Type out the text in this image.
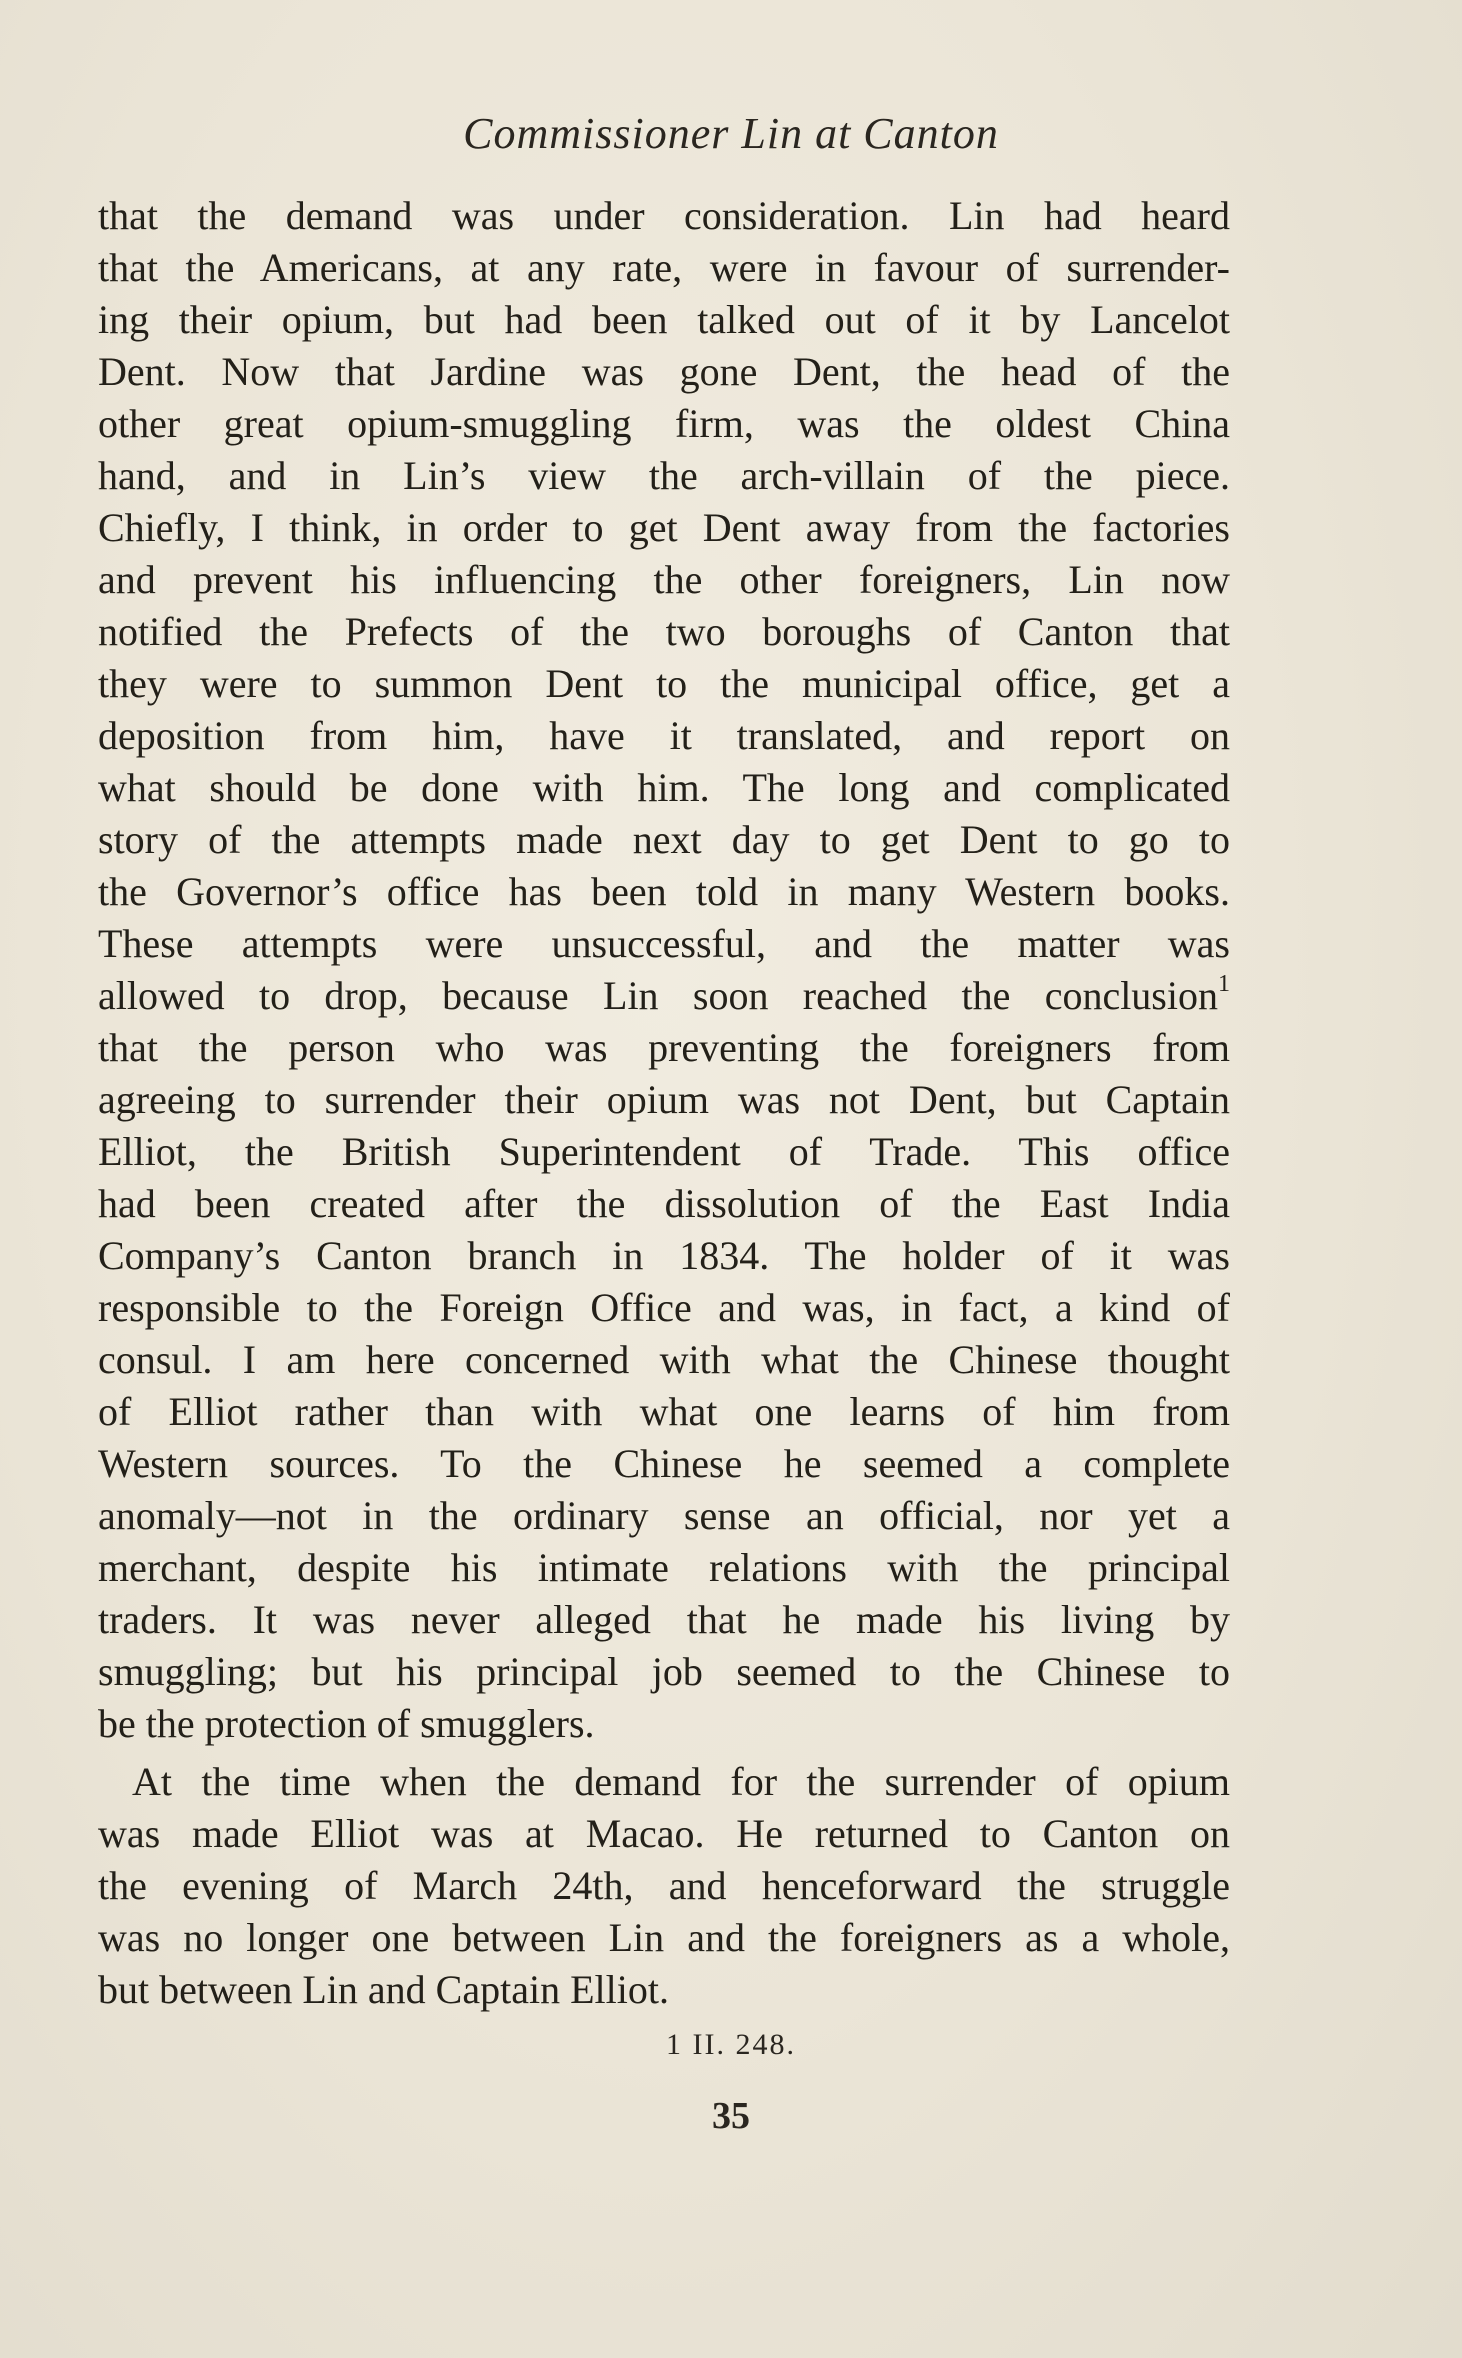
Commissioner Lin at Canton
that the demand was under consideration. Lin had heard
that the Americans, at any rate, were in favour of surrender-
ing their opium, but had been talked out of it by Lancelot
Dent. Now that Jardine was gone Dent, the head of the
other great opium-smuggling firm, was the oldest China
hand, and in Lin’s view the arch-villain of the piece.
Chiefly, I think, in order to get Dent away from the factories
and prevent his influencing the other foreigners, Lin now
notified the Prefects of the two boroughs of Canton that
they were to summon Dent to the municipal office, get a
deposition from him, have it translated, and report on
what should be done with him. The long and complicated
story of the attempts made next day to get Dent to go to
the Governor’s office has been told in many Western books.
These attempts were unsuccessful, and the matter was
allowed to drop, because Lin soon reached the conclusion$^1$
that the person who was preventing the foreigners from
agreeing to surrender their opium was not Dent, but Captain
Elliot, the British Superintendent of Trade. This office
had been created after the dissolution of the East India
Company’s Canton branch in 1834. The holder of it was
responsible to the Foreign Office and was, in fact, a kind of
consul. I am here concerned with what the Chinese thought
of Elliot rather than with what one learns of him from
Western sources. To the Chinese he seemed a complete
anomaly—not in the ordinary sense an official, nor yet a
merchant, despite his intimate relations with the principal
traders. It was never alleged that he made his living by
smuggling; but his principal job seemed to the Chinese to
be the protection of smugglers.
At the time when the demand for the surrender of opium
was made Elliot was at Macao. He returned to Canton on
the evening of March 24th, and henceforward the struggle
was no longer one between Lin and the foreigners as a whole,
but between Lin and Captain Elliot.
1 II. 248.
35
